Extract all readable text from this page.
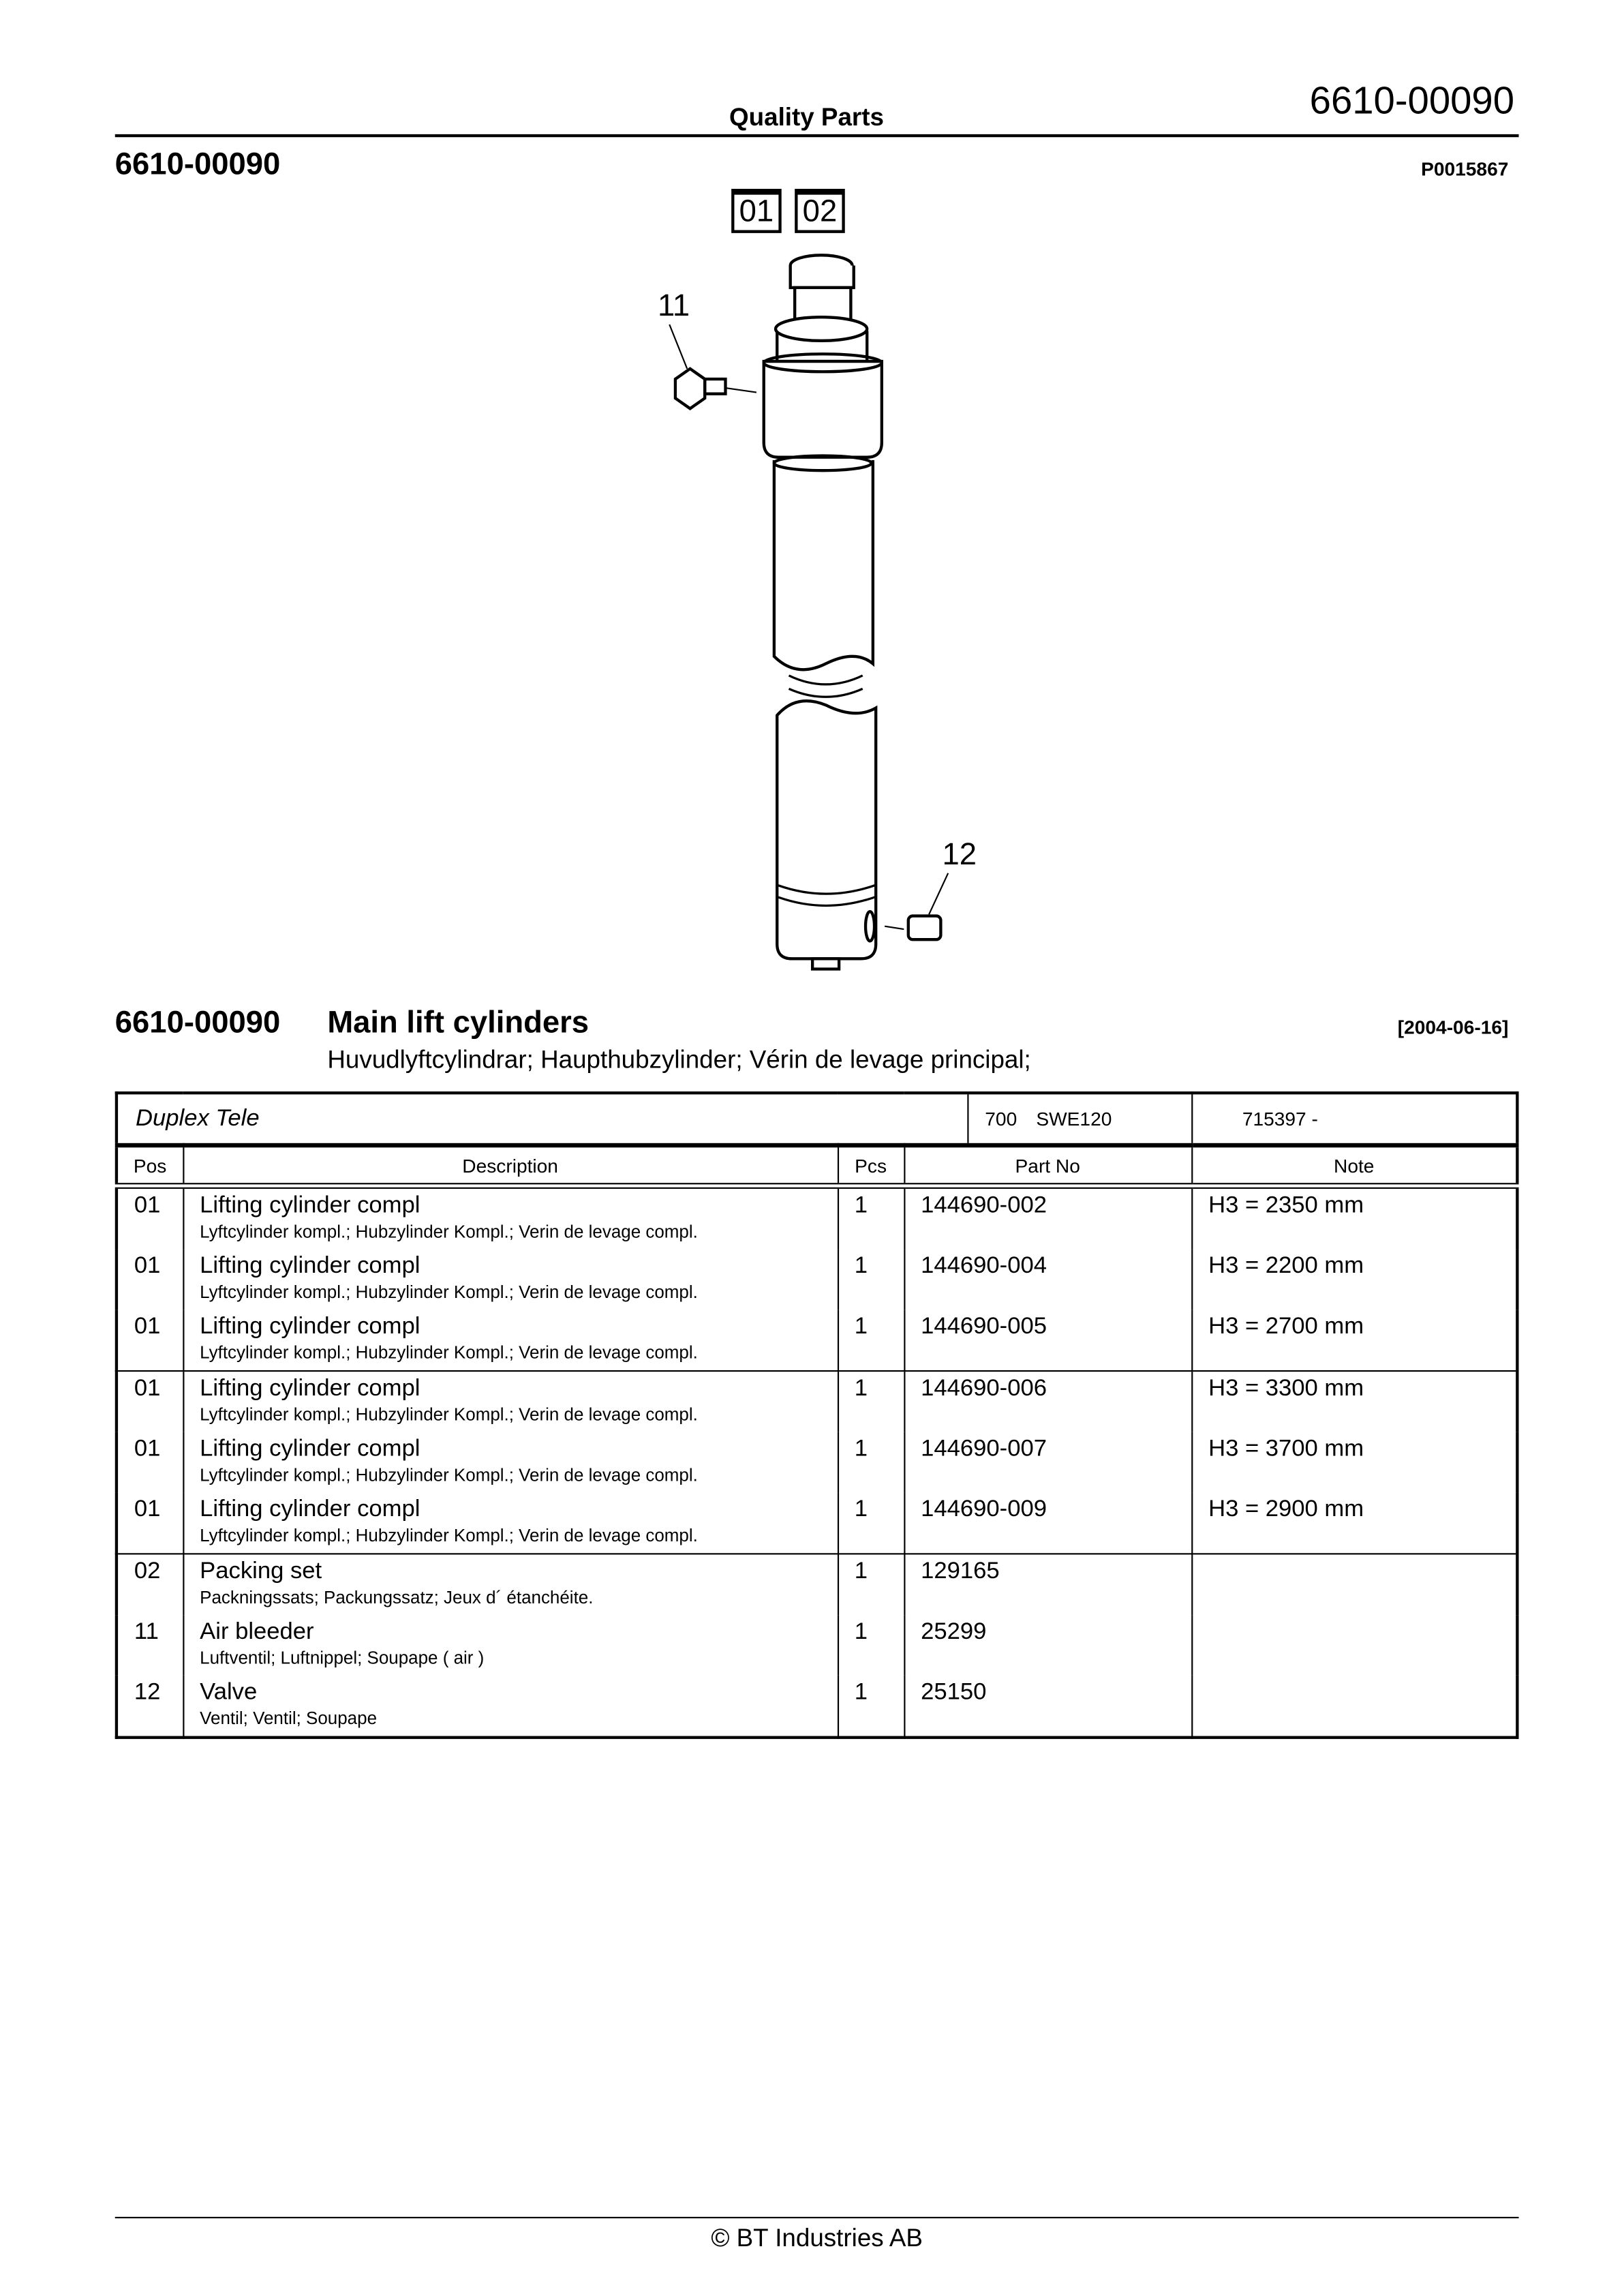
Quality Parts	6610-00090
6610-00090	P0015867
01	02
11
12
6610-00090	Main lift cylinders	[2004-06-16]
Huvudlyftcylindrar; Haupthubzylinder; Vérin de levage principal;
Duplex Tele 700 SWE120				715397 -
Pos	Description	Pcs	Part No	Note

01	Lifting cylinder compl
Lyftcylinder kompl.; Hubzylinder Kompl.; Verin de levage compl.	1	144690-002	H3 = 2350 mm

01	Lifting cylinder compl
Lyftcylinder kompl.; Hubzylinder Kompl.; Verin de levage compl.	1	144690-004	H3 = 2200 mm

01	Lifting cylinder compl
Lyftcylinder kompl.; Hubzylinder Kompl.; Verin de levage compl.	1	144690-005	H3 = 2700 mm

01	Lifting cylinder compl
Lyftcylinder kompl.; Hubzylinder Kompl.; Verin de levage compl.	1	144690-006	H3 = 3300 mm

01	Lifting cylinder compl
Lyftcylinder kompl.; Hubzylinder Kompl.; Verin de levage compl.	1	144690-007	H3 = 3700 mm

01	Lifting cylinder compl
Lyftcylinder kompl.; Hubzylinder Kompl.; Verin de levage compl.	1	144690-009	H3 = 2900 mm

02	Packing set
Packningssats; Packungssatz; Jeux d´ étanchéite.	1	129165	

11	Air bleeder
Luftventil; Luftnippel; Soupape ( air )	1	25299	

12	Valve
Ventil; Ventil; Soupape	1	25150	

© BT Industries AB
